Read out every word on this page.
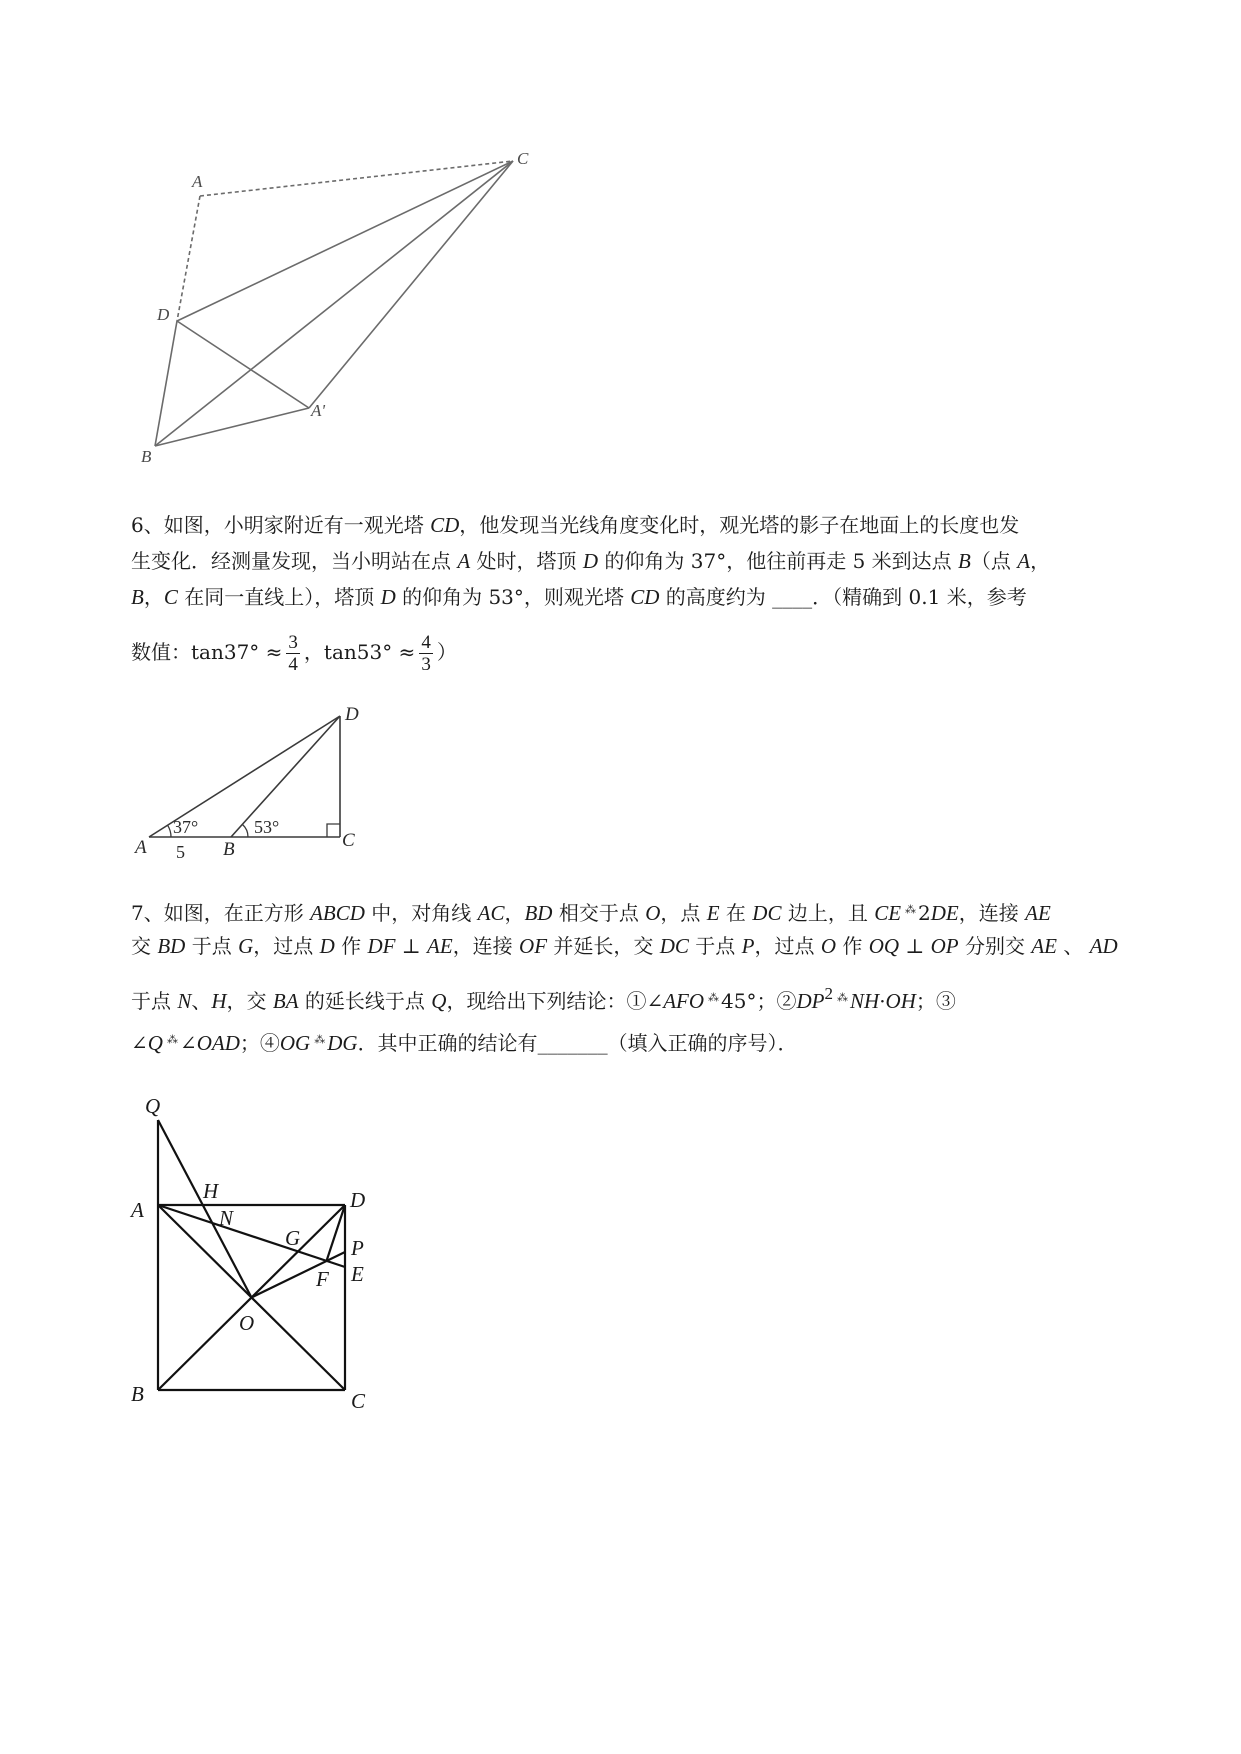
C
A
D
A'
B
D
A 5 B
37°	53°
C
Q
A
H
N
D
G P
F E
O
B	C
6、如图，小明家附近有一观光塔 CD，他发现当光线角度变化时，观光塔的影子在地面上的长度也发
生变化．经测量发现，当小明站在点 A 处时，塔顶 D 的仰角为 37°，他往前再走 5 米到达点 B（点 A，
B，C 在同一直线上），塔顶 D 的仰角为 53°，则观光塔 CD 的高度约为 ____．（精确到 0.1 米，参考
数值：$\tan 37^\circ \approx \frac{3}{4}$ ，$\tan 53^\circ \approx \frac{4}{3}$ ）
7、如图，在正方形 ABCD 中，对角线 AC，BD 相交于点 O，点 E 在 DC 边上，且 CE ⁂ 2DE，连接 AE
交 BD 于点 G，过点 D 作 DF ⊥ AE，连接 OF 并延长，交 DC 于点 P，过点 O 作 OQ ⊥ OP 分别交 AE 、 AD
于点 N、H，交 BA 的延长线于点 Q，现给出下列结论：①∠AFO ⁂ 45°；$②DP^2$ ⁂NH·OH；③
∠Q ⁂ ∠OAD；④OG ⁂DG．其中正确的结论有_______（填入正确的序号）．
